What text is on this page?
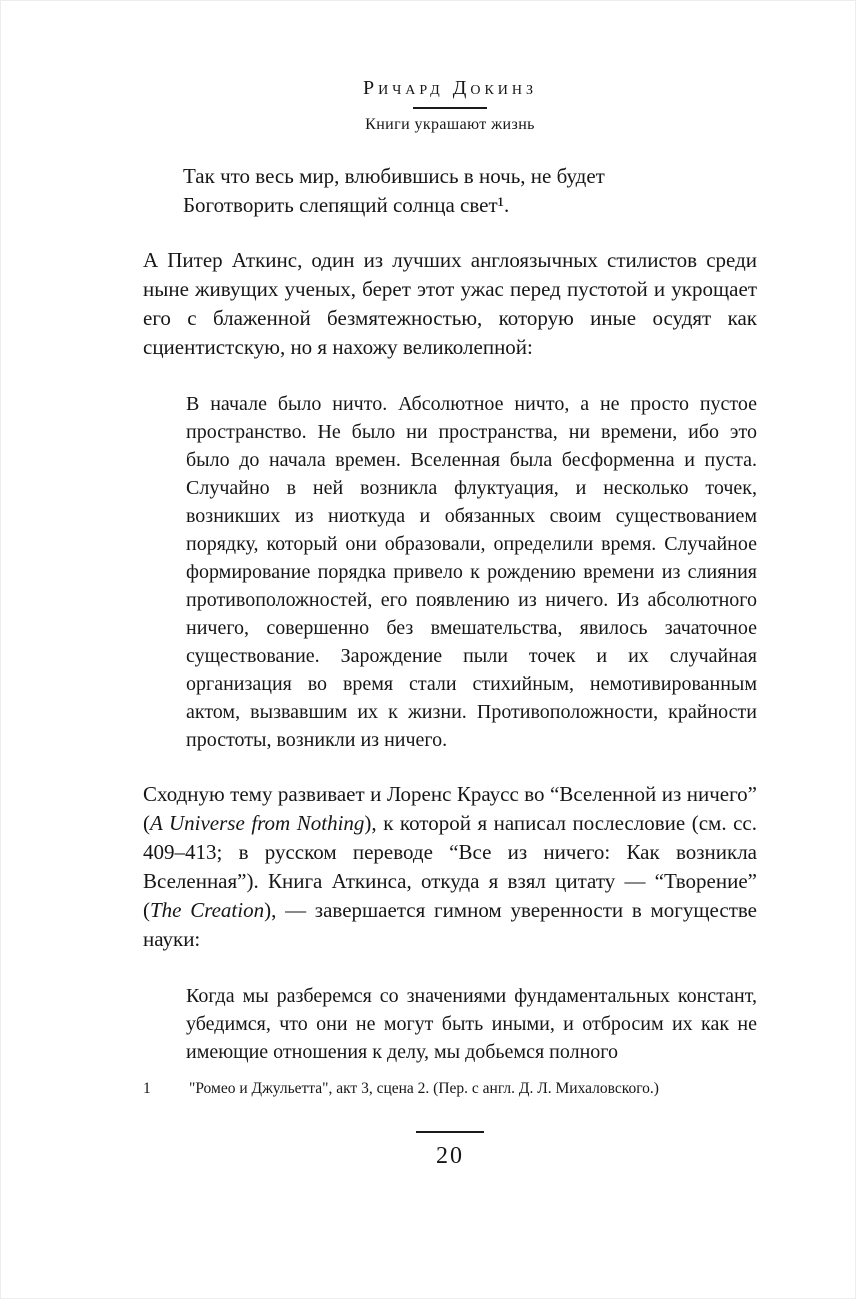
Ричард Докинз
Книги украшают жизнь
Так что весь мир, влюбившись в ночь, не будет
Боготворить слепящий солнца свет¹.
А Питер Аткинс, один из лучших англоязычных стилистов среди ныне живущих ученых, берет этот ужас перед пустотой и укрощает его с блаженной безмятежностью, которую иные осудят как сциентистскую, но я нахожу великолепной:
В начале было ничто. Абсолютное ничто, а не просто пустое пространство. Не было ни пространства, ни времени, ибо это было до начала времен. Вселенная была бесформенна и пуста. Случайно в ней возникла флуктуация, и несколько точек, возникших из ниоткуда и обязанных своим существованием порядку, который они образовали, определили время. Случайное формирование порядка привело к рождению времени из слияния противоположностей, его появлению из ничего. Из абсолютного ничего, совершенно без вмешательства, явилось зачаточное существование. Зарождение пыли точек и их случайная организация во время стали стихийным, немотивированным актом, вызвавшим их к жизни. Противоположности, крайности простоты, возникли из ничего.
Сходную тему развивает и Лоренс Краусс во “Вселенной из ничего” (A Universe from Nothing), к которой я написал послесловие (см. сс. 409–413; в русском переводе “Все из ничего: Как возникла Вселенная”). Книга Аткинса, откуда я взял цитату — “Творение” (The Creation), — завершается гимном уверенности в могуществе науки:
Когда мы разберемся со значениями фундаментальных констант, убедимся, что они не могут быть иными, и отбросим их как не имеющие отношения к делу, мы добьемся полного
1	"Ромео и Джульетта", акт 3, сцена 2. (Пер. с англ. Д. Л. Михаловского.)
20
